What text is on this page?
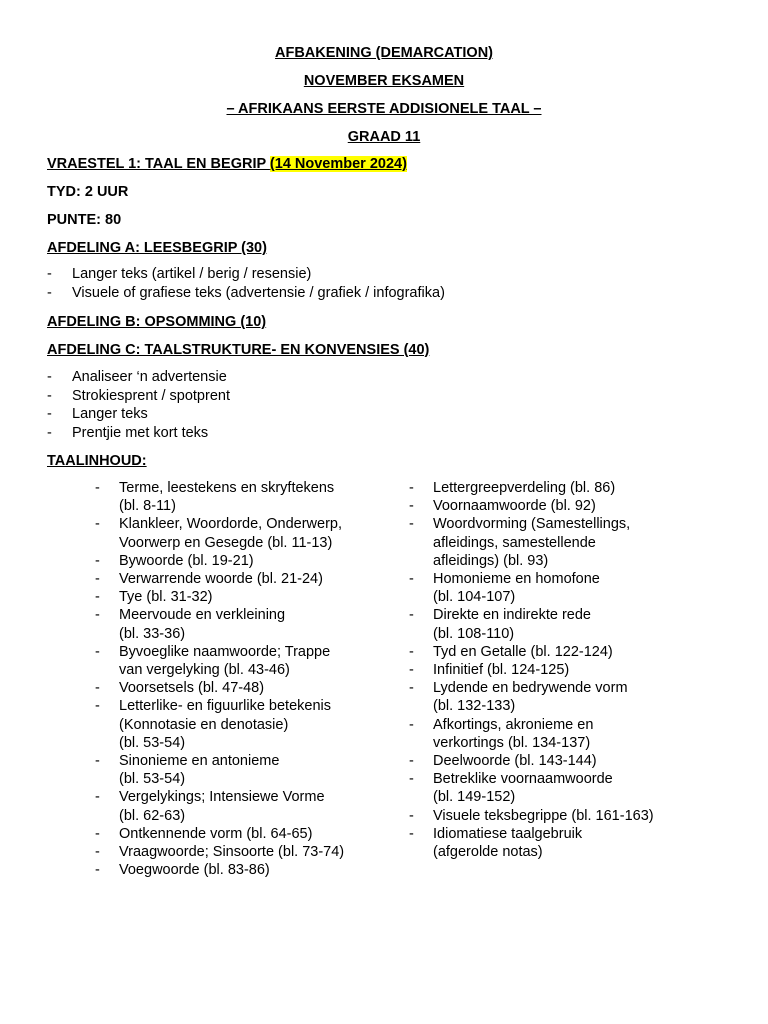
AFBAKENING (DEMARCATION)
NOVEMBER EKSAMEN
– AFRIKAANS EERSTE ADDISIONELE TAAL –
GRAAD 11
VRAESTEL 1: TAAL EN BEGRIP (14 November 2024)
TYD: 2 UUR
PUNTE: 80
AFDELING A: LEESBEGRIP (30)
- Langer teks (artikel / berig / resensie)
- Visuele of grafiese teks (advertensie / grafiek / infografika)
AFDELING B: OPSOMMING (10)
AFDELING C: TAALSTRUKTURE- EN KONVENSIES (40)
- Analiseer ‘n advertensie
- Strokiesprent / spotprent
- Langer teks
- Prentjie met kort teks
TAALINHOUD:
- Terme, leestekens en skryftekens
(bl. 8-11)
- Klankleer, Woordorde, Onderwerp,
Voorwerp en Gesegde (bl. 11-13)
- Bywoorde (bl. 19-21)
- Verwarrende woorde (bl. 21-24)
- Tye (bl. 31-32)
- Meervoude en verkleining
(bl. 33-36)
- Byvoeglike naamwoorde; Trappe
van vergelyking (bl. 43-46)
- Voorsetsels (bl. 47-48)
- Letterlike- en figuurlike betekenis
(Konnotasie en denotasie)
(bl. 53-54)
- Sinonieme en antonieme
(bl. 53-54)
- Vergelykings; Intensiewe Vorme
(bl. 62-63)
- Ontkennende vorm (bl. 64-65)
- Vraagwoorde; Sinsoorte (bl. 73-74)
- Voegwoorde (bl. 83-86)
- Lettergreepverdeling (bl. 86)
- Voornaamwoorde (bl. 92)
- Woordvorming (Samestellings,
afleidings, samestellende
afleidings) (bl. 93)
- Homonieme en homofone
(bl. 104-107)
- Direkte en indirekte rede
(bl. 108-110)
- Tyd en Getalle (bl. 122-124)
- Infinitief (bl. 124-125)
- Lydende en bedrywende vorm
(bl. 132-133)
- Afkortings, akronieme en
verkortings (bl. 134-137)
- Deelwoorde (bl. 143-144)
- Betreklike voornaamwoorde
(bl. 149-152)
- Visuele teksbegrippe (bl. 161-163)
- Idiomatiese taalgebruik
(afgerolde notas)
